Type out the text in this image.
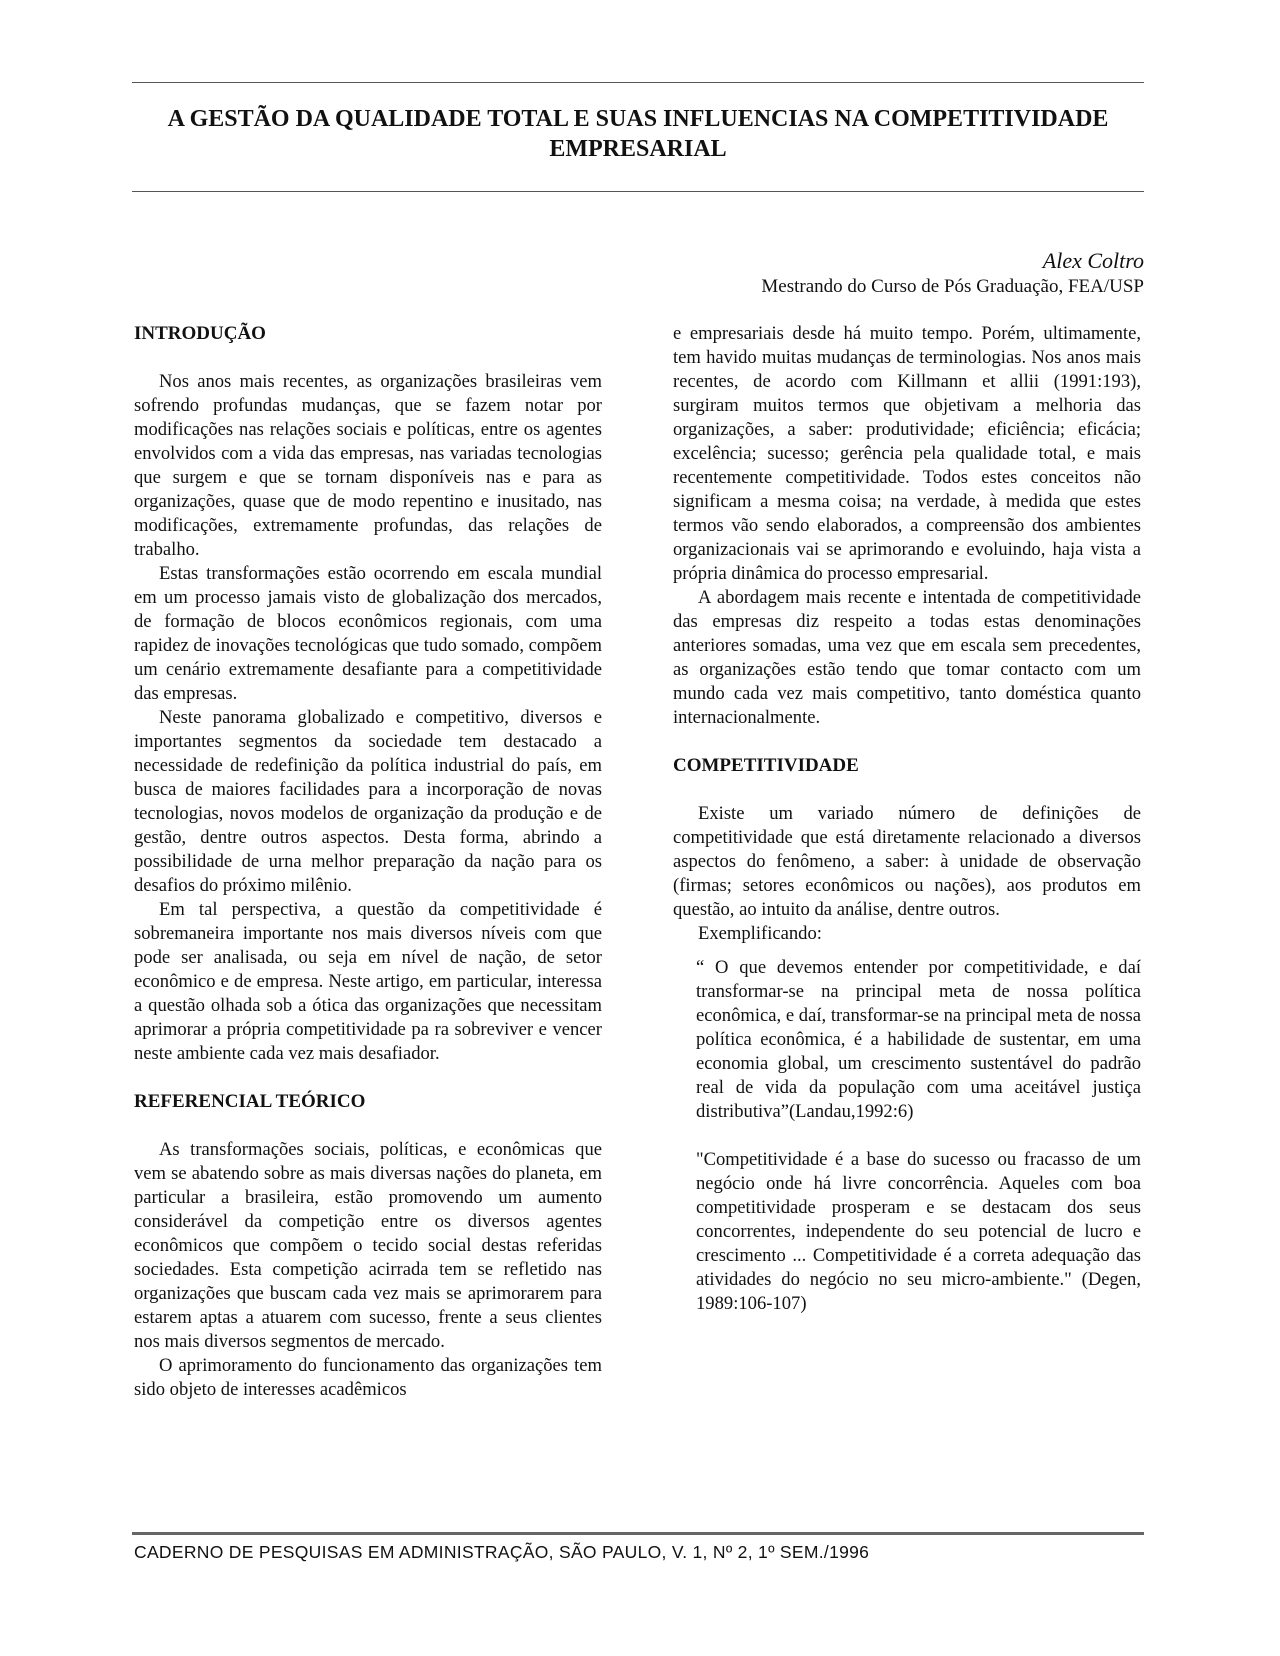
A GESTÃO DA QUALIDADE TOTAL E SUAS INFLUENCIAS NA COMPETITIVIDADE
EMPRESARIAL
Alex Coltro
Mestrando do Curso de Pós Graduação, FEA/USP
INTRODUÇÃO

Nos anos mais recentes, as organizações brasileiras vem sofrendo profundas mudanças, que se fazem notar por modificações nas relações sociais e políticas, entre os agentes envolvidos com a vida das empresas, nas variadas tecnologias que surgem e que se tornam disponíveis nas e para as organizações, quase que de modo repentino e inusitado, nas modificações, extremamente profundas, das relações de trabalho.

Estas transformações estão ocorrendo em escala mundial em um processo jamais visto de globalização dos mercados, de formação de blocos econômicos regionais, com uma rapidez de inovações tecnológicas que tudo somado, compõem um cenário extremamente desafiante para a competitividade das empresas.

Neste panorama globalizado e competitivo, diversos e importantes segmentos da sociedade tem destacado a necessidade de redefinição da política industrial do país, em busca de maiores facilidades para a incorporação de novas tecnologias, novos modelos de organização da produção e de gestão, dentre outros aspectos. Desta forma, abrindo a possibilidade de urna melhor preparação da nação para os desafios do próximo milênio.

Em tal perspectiva, a questão da competitividade é sobremaneira importante nos mais diversos níveis com que pode ser analisada, ou seja em nível de nação, de setor econômico e de empresa. Neste artigo, em particular, interessa a questão olhada sob a ótica das organizações que necessitam aprimorar a própria competitividade pa ra sobreviver e vencer neste ambiente cada vez mais desafiador.

REFERENCIAL TEÓRICO

As transformações sociais, políticas, e econômicas que vem se abatendo sobre as mais diversas nações do planeta, em particular a brasileira, estão promovendo um aumento considerável da competição entre os diversos agentes econômicos que compõem o tecido social destas referidas sociedades. Esta competição acirrada tem se refletido nas organizações que buscam cada vez mais se aprimorarem para estarem aptas a atuarem com sucesso, frente a seus clientes nos mais diversos segmentos de mercado.

O aprimoramento do funcionamento das organizações tem sido objeto de interesses acadêmicos

e empresariais desde há muito tempo. Porém, ultimamente, tem havido muitas mudanças de terminologias. Nos anos mais recentes, de acordo com Killmann et allii (1991:193), surgiram muitos termos que objetivam a melhoria das organizações, a saber: produtividade; eficiência; eficácia; excelência; sucesso; gerência pela qualidade total, e mais recentemente competitividade. Todos estes conceitos não significam a mesma coisa; na verdade, à medida que estes termos vão sendo elaborados, a compreensão dos ambientes organizacionais vai se aprimorando e evoluindo, haja vista a própria dinâmica do processo empresarial.

A abordagem mais recente e intentada de competitividade das empresas diz respeito a todas estas denominações anteriores somadas, uma vez que em escala sem precedentes, as organizações estão tendo que tomar contacto com um mundo cada vez mais competitivo, tanto doméstica quanto internacionalmente.

COMPETITIVIDADE

Existe um variado número de definições de competitividade que está diretamente relacionado a diversos aspectos do fenômeno, a saber: à unidade de observação (firmas; setores econômicos ou nações), aos produtos em questão, ao intuito da análise, dentre outros.

Exemplificando:

“ O que devemos entender por competitividade, e daí transformar-se na principal meta de nossa política econômica, e daí, transformar-se na principal meta de nossa política econômica, é a habilidade de sustentar, em uma economia global, um crescimento sustentável do padrão real de vida da população com uma aceitável justiça distributiva”(Landau,1992:6)

"Competitividade é a base do sucesso ou fracasso de um negócio onde há livre concorrência. Aqueles com boa competitividade prosperam e se destacam dos seus concorrentes, independente do seu potencial de lucro e crescimento ... Competitividade é a correta adequação das atividades do negócio no seu micro-ambiente." (Degen, 1989:106-107)

CADERNO DE PESQUISAS EM ADMINISTRAÇÃO, SÃO PAULO, V. 1, Nº 2, 1º SEM./1996
